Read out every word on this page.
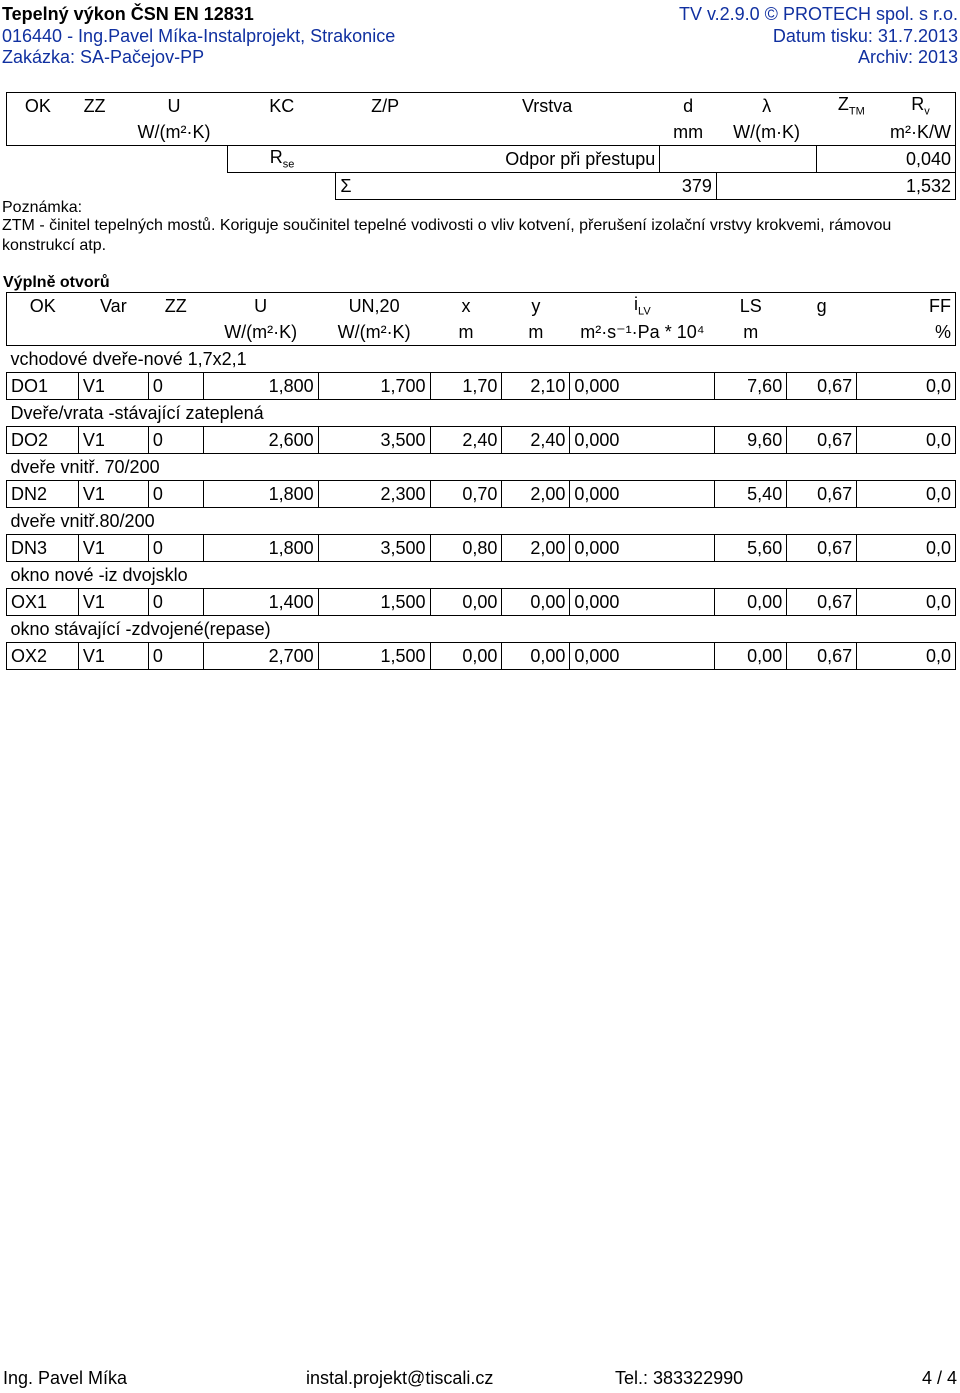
Tepelný výkon ČSN EN 12831	TV v.2.9.0 © PROTECH spol. s r.o.
016440 - Ing.Pavel Míka-Instalprojekt, Strakonice	Datum tisku: 31.7.2013
Zakázka: SA-Pačejov-PP	Archiv: 2013
OK	ZZ	U	KC	Z/P	Vrstva	d	λ	$Z_{TM}$	$R_v$
		W/(m²·K)				mm	W/(m·K)		m²·K/W
			$R_{se}$		Odpor při přestupu				0,040
				Σ		379			1,532
Poznámka:
ZTM - činitel tepelných mostů. Koriguje součinitel tepelné vodivosti o vliv kotvení, přerušení izolační vrstvy krokvemi, rámovou konstrukcí atp.
Výplně otvorů
OK	Var	ZZ	U	UN,20	x	y	$i_{LV}$	LS	g	FF
			W/(m²·K)	W/(m²·K)	m	m	m²·s⁻¹·Pa * 10⁴	m		%
vchodové dveře-nové 1,7x2,1										
DO1	V1	0	1,800	1,700	1,70	2,10	0,000	7,60	0,67	0,0
Dveře/vrata -stávající zateplená										
DO2	V1	0	2,600	3,500	2,40	2,40	0,000	9,60	0,67	0,0
dveře vnitř. 70/200										
DN2	V1	0	1,800	2,300	0,70	2,00	0,000	5,40	0,67	0,0
dveře vnitř.80/200										
DN3	V1	0	1,800	3,500	0,80	2,00	0,000	5,60	0,67	0,0
okno nové -iz dvojsklo										
OX1	V1	0	1,400	1,500	0,00	0,00	0,000	0,00	0,67	0,0
okno stávající -zdvojené(repase)										
OX2	V1	0	2,700	1,500	0,00	0,00	0,000	0,00	0,67	0,0
Ing. Pavel Míka	instal.projekt@tiscali.cz	Tel.: 383322990	4 / 4
